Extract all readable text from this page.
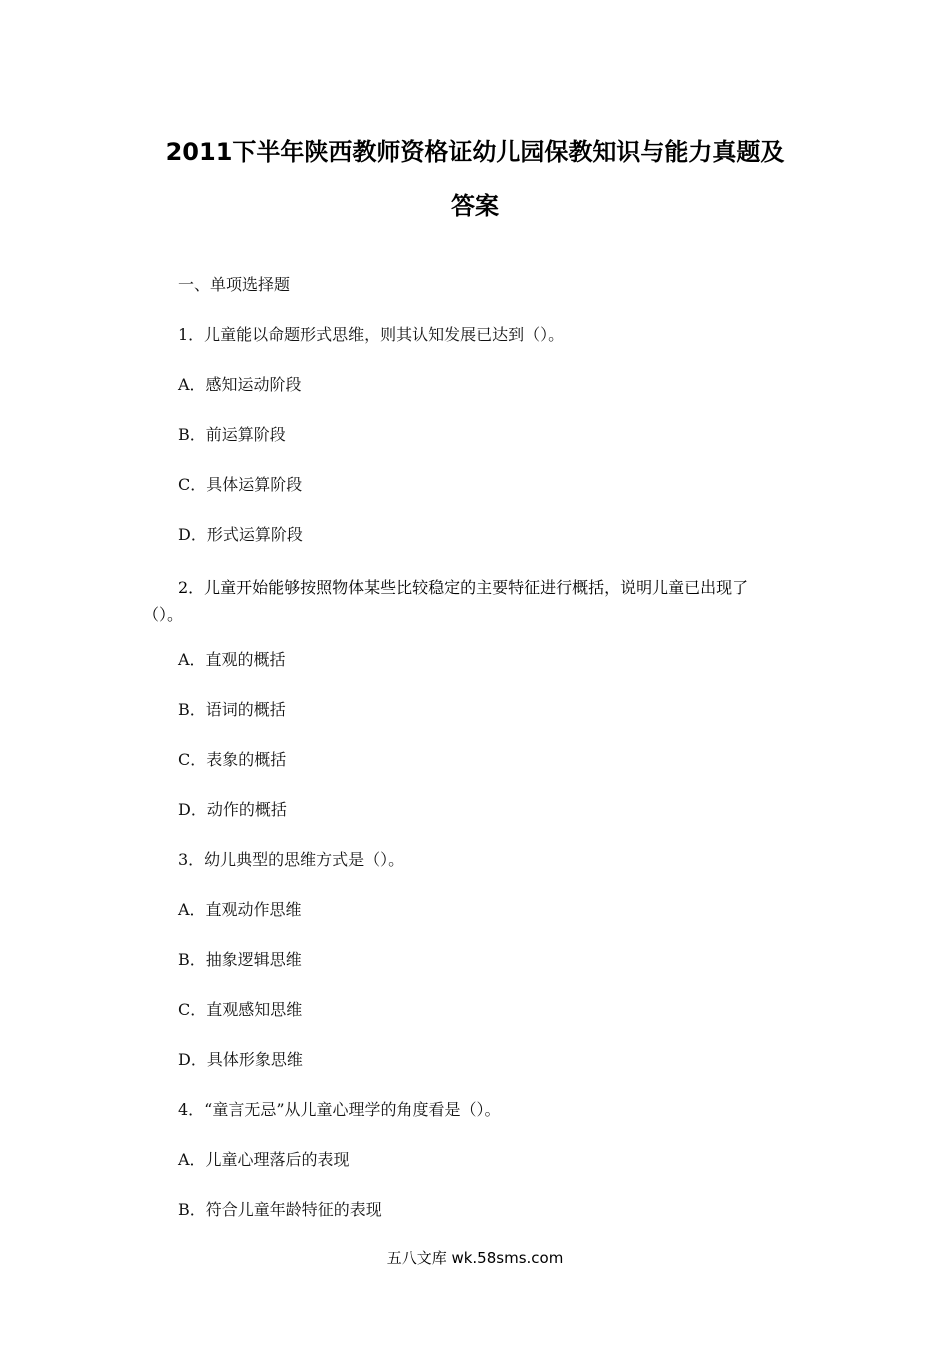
2011下半年陕西教师资格证幼儿园保教知识与能力真题及
答案
一、单项选择题
1．儿童能以命题形式思维，则其认知发展已达到（）。
A．感知运动阶段
B．前运算阶段
C．具体运算阶段
D．形式运算阶段
2．儿童开始能够按照物体某些比较稳定的主要特征进行概括，说明儿童已出现了
（）。
A．直观的概括
B．语词的概括
C．表象的概括
D．动作的概括
3．幼儿典型的思维方式是（）。
A．直观动作思维
B．抽象逻辑思维
C．直观感知思维
D．具体形象思维
4．“童言无忌”从儿童心理学的角度看是（）。
A．儿童心理落后的表现
B．符合儿童年龄特征的表现
五八文库 wk.58sms.com
